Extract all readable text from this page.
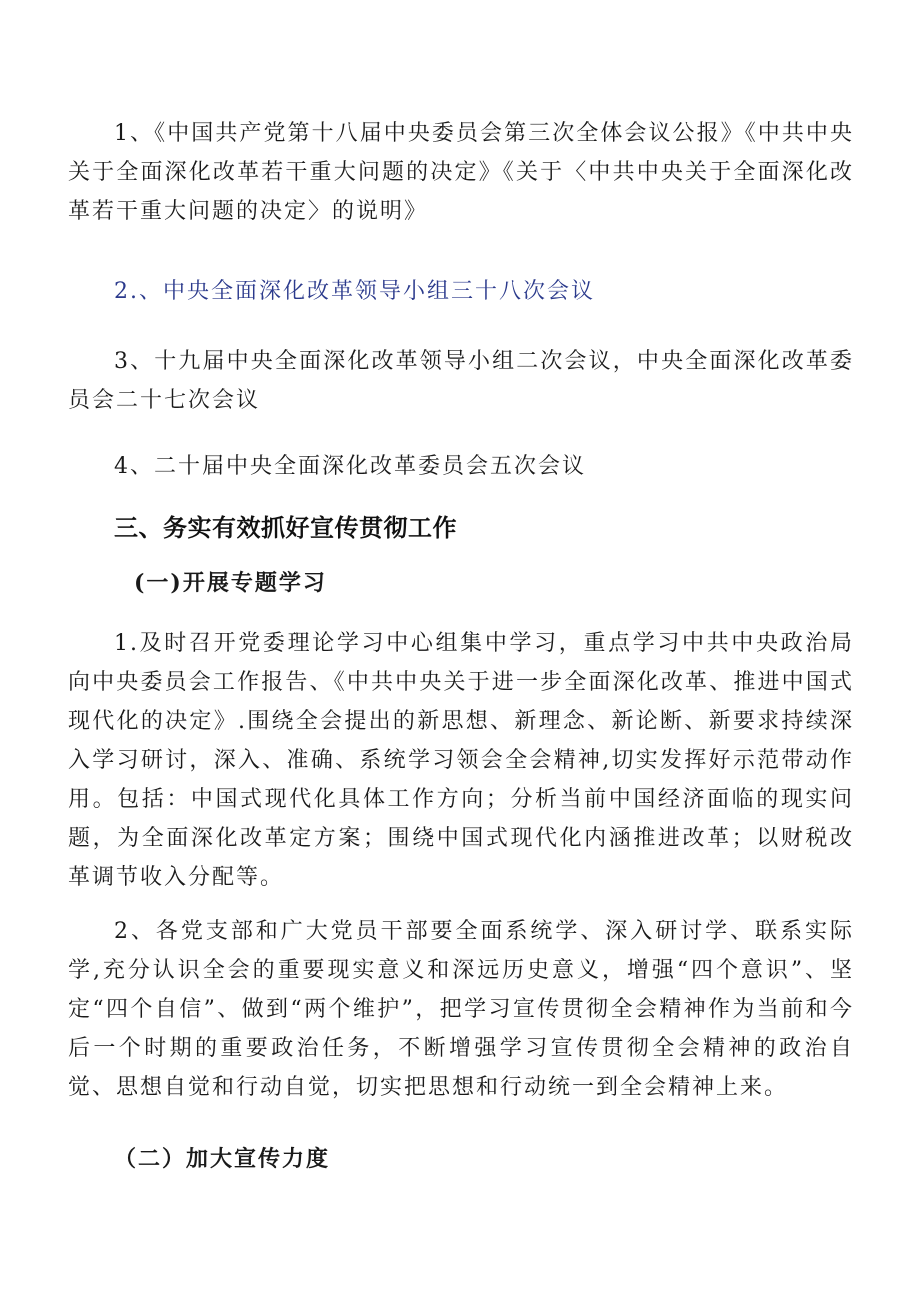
1、《中国共产党第十八届中央委员会第三次全体会议公报》《中共中央关于全面深化改革若干重大问题的决定》《关于〈中共中央关于全面深化改革若干重大问题的决定〉的说明》

2.、中央全面深化改革领导小组三十八次会议

3、十九届中央全面深化改革领导小组二次会议，中央全面深化改革委员会二十七次会议

4、二十届中央全面深化改革委员会五次会议

三、务实有效抓好宣传贯彻工作
(一)开展专题学习

1.及时召开党委理论学习中心组集中学习，重点学习中共中央政治局向中央委员会工作报告、《中共中央关于进一步全面深化改革、推进中国式现代化的决定》.围绕全会提出的新思想、新理念、新论断、新要求持续深入学习研讨，深入、准确、系统学习领会全会精神,切实发挥好示范带动作用。包括：中国式现代化具体工作方向；分析当前中国经济面临的现实问题，为全面深化改革定方案；围绕中国式现代化内涵推进改革；以财税改革调节收入分配等。

2、各党支部和广大党员干部要全面系统学、深入研讨学、联系实际学,充分认识全会的重要现实意义和深远历史意义，增强“四个意识”、坚定“四个自信”、做到“两个维护”，把学习宣传贯彻全会精神作为当前和今后一个时期的重要政治任务，不断增强学习宣传贯彻全会精神的政治自觉、思想自觉和行动自觉，切实把思想和行动统一到全会精神上来。

（二）加大宣传力度
